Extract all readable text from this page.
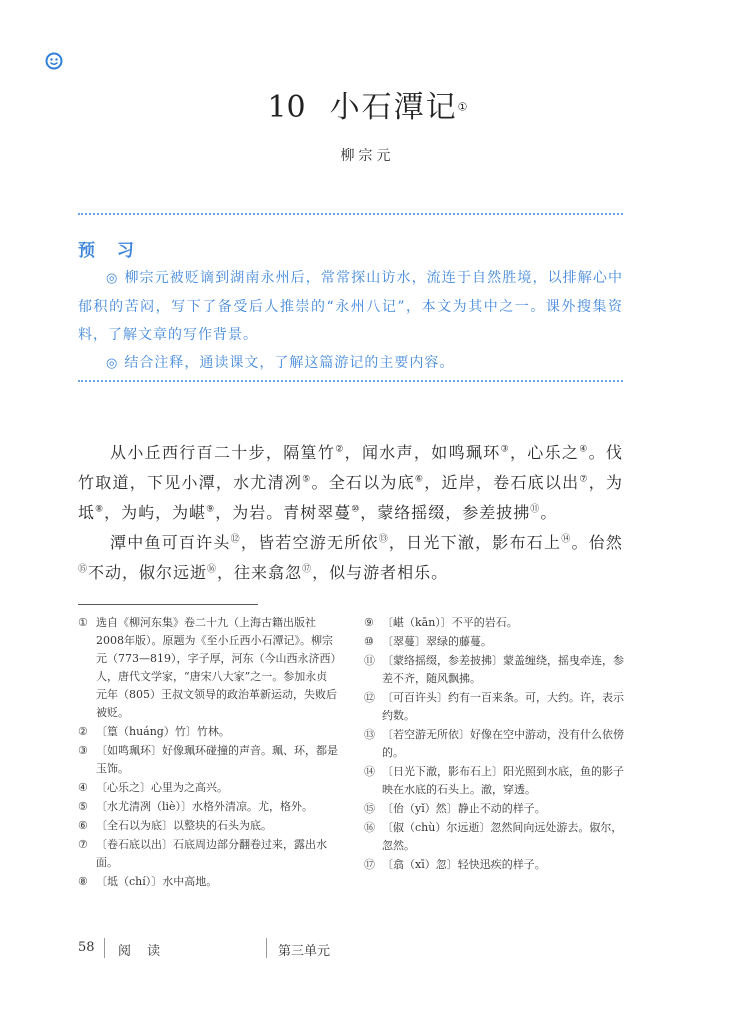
10 小石潭记①
柳宗元
预 习

◎ 柳宗元被贬谪到湖南永州后，常常探山访水，流连于自然胜境，以排解心中郁积的苦闷，写下了备受后人推崇的“永州八记”，本文为其中之一。课外搜集资料，了解文章的写作背景。

◎ 结合注释，通读课文，了解这篇游记的主要内容。

从小丘西行百二十步，隔篁竹②，闻水声，如鸣珮环③，心乐之④。伐竹取道，下见小潭，水尤清冽⑤。全石以为底⑥，近岸，卷石底以出⑦，为坻⑧，为屿，为嵁⑨，为岩。青树翠蔓⑩，蒙络摇缀，参差披拂⑪。

潭中鱼可百许头⑫，皆若空游无所依⑬，日光下澈，影布石上⑭。佁然⑮不动，俶尔远逝⑯，往来翕忽⑰，似与游者相乐。

① 选自《柳河东集》卷二十九（上海古籍出版社2008年版）。原题为《至小丘西小石潭记》。柳宗元（773—819），字子厚，河东（今山西永济西）人，唐代文学家，“唐宋八大家”之一。参加永贞元年（805）王叔文领导的政治革新运动，失败后被贬。
② 〔篁（huáng）竹〕竹林。
③ 〔如鸣珮环〕好像珮环碰撞的声音。珮、环，都是玉饰。
④ 〔心乐之〕心里为之高兴。
⑤ 〔水尤清冽（liè）〕水格外清凉。尤，格外。
⑥ 〔全石以为底〕以整块的石头为底。
⑦ 〔卷石底以出〕石底周边部分翻卷过来，露出水面。
⑧ 〔坻（chí）〕水中高地。
⑨ 〔嵁（kān）〕不平的岩石。
⑩ 〔翠蔓〕翠绿的藤蔓。
⑪ 〔蒙络摇缀，参差披拂〕蒙盖缠绕，摇曳牵连，参差不齐，随风飘拂。
⑫ 〔可百许头〕约有一百来条。可，大约。许，表示约数。
⑬ 〔若空游无所依〕好像在空中游动，没有什么依傍的。
⑭ 〔日光下澈，影布石上〕阳光照到水底，鱼的影子映在水底的石头上。澈，穿透。
⑮ 〔佁（yǐ）然〕静止不动的样子。
⑯ 〔俶（chù）尔远逝〕忽然间向远处游去。俶尔，忽然。
⑰ 〔翕（xī）忽〕轻快迅疾的样子。
58 阅 读	第三单元
